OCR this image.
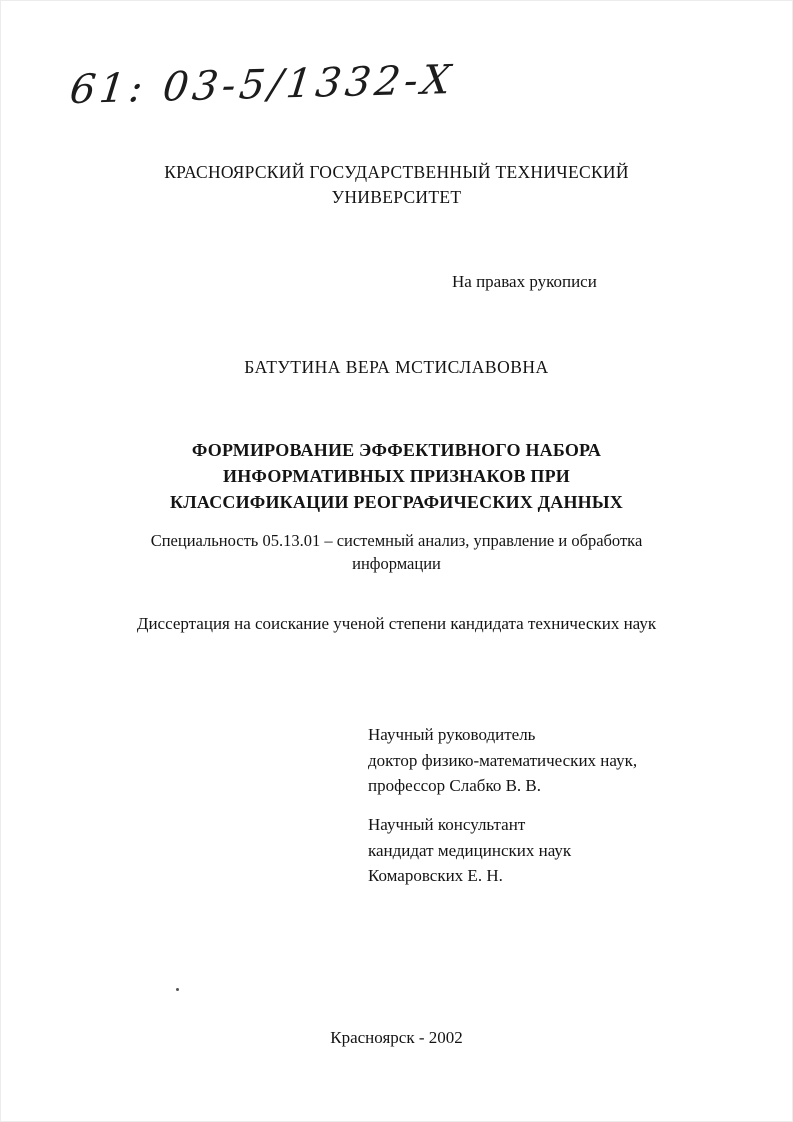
61: 03-5/1332-Х
КРАСНОЯРСКИЙ ГОСУДАРСТВЕННЫЙ ТЕХНИЧЕСКИЙ
УНИВЕРСИТЕТ
На правах рукописи
БАТУТИНА ВЕРА МСТИСЛАВОВНА
ФОРМИРОВАНИЕ ЭФФЕКТИВНОГО НАБОРА
ИНФОРМАТИВНЫХ ПРИЗНАКОВ ПРИ
КЛАССИФИКАЦИИ РЕОГРАФИЧЕСКИХ ДАННЫХ
Специальность 05.13.01 – системный анализ, управление и обработка
информации
Диссертация на соискание ученой степени кандидата технических наук
Научный руководитель
доктор физико-математических наук,
профессор Слабко В. В.
Научный консультант
кандидат медицинских наук
Комаровских Е. Н.
Красноярск - 2002
